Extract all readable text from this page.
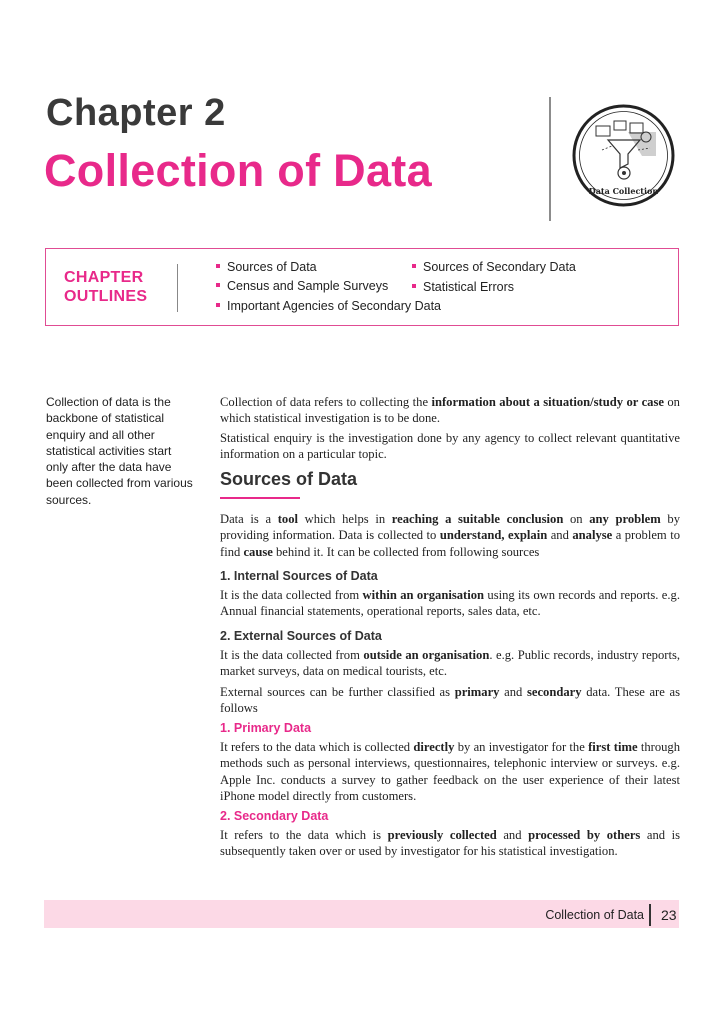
Chapter 2
Collection of Data	Data Collection
CHAPTER
OUTLINES
Sources of Data	Sources of Secondary Data
Census and Sample Surveys	Statistical Errors
Important Agencies of Secondary Data
Collection of data is the backbone of statistical enquiry and all other statistical activities start only after the data have been collected from various sources.

Collection of data refers to collecting the information about a situation/study or case on which statistical investigation is to be done.

Statistical enquiry is the investigation done by any agency to collect relevant quantitative information on a particular topic.

Sources of Data

Data is a tool which helps in reaching a suitable conclusion on any problem by providing information. Data is collected to understand, explain and analyse a problem to find cause behind it. It can be collected from following sources

1. Internal Sources of Data

It is the data collected from within an organisation using its own records and reports. e.g. Annual financial statements, operational reports, sales data, etc.

2. External Sources of Data

It is the data collected from outside an organisation. e.g. Public records, industry reports, market surveys, data on medical tourists, etc.

External sources can be further classified as primary and secondary data. These are as follows

1. Primary Data

It refers to the data which is collected directly by an investigator for the first time through methods such as personal interviews, questionnaires, telephonic interview or surveys. e.g. Apple Inc. conducts a survey to gather feedback on the user experience of their latest iPhone model directly from customers.

2. Secondary Data

It refers to the data which is previously collected and processed by others and is subsequently taken over or used by investigator for his statistical investigation.

Collection of Data 23
